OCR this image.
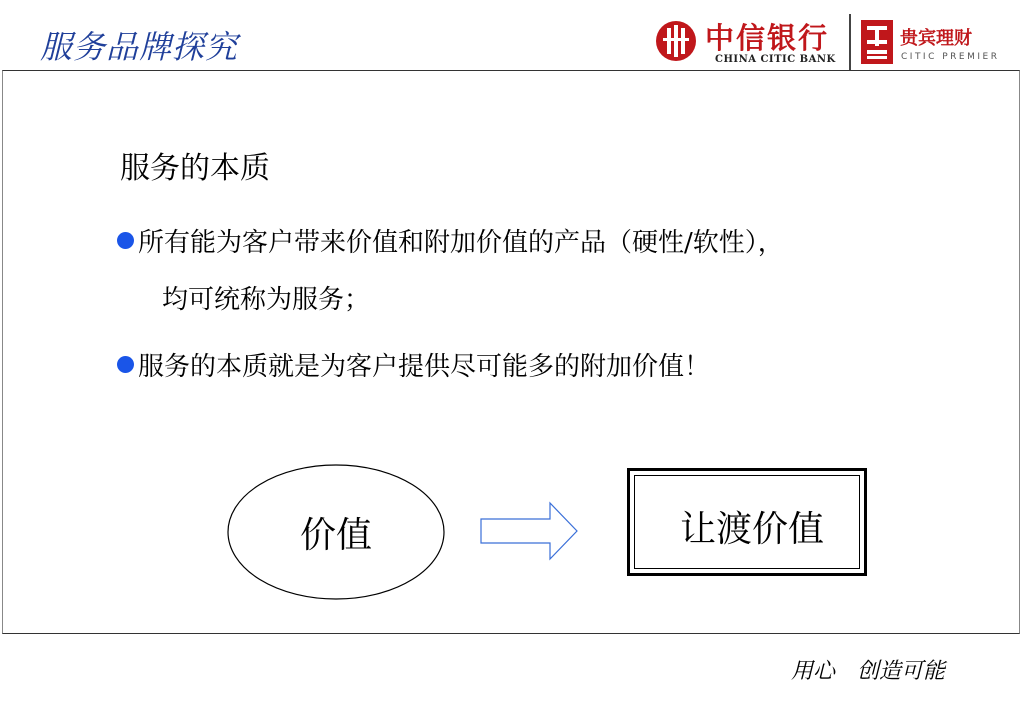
服务品牌探究	中信银行
CHINA CITIC BANK
贵宾理财
CITIC PREMIER
服务的本质
所有能为客户带来价值和附加价值的产品（硬性/软性），
均可统称为服务；
服务的本质就是为客户提供尽可能多的附加价值！
价值	让渡价值
用心　创造可能
